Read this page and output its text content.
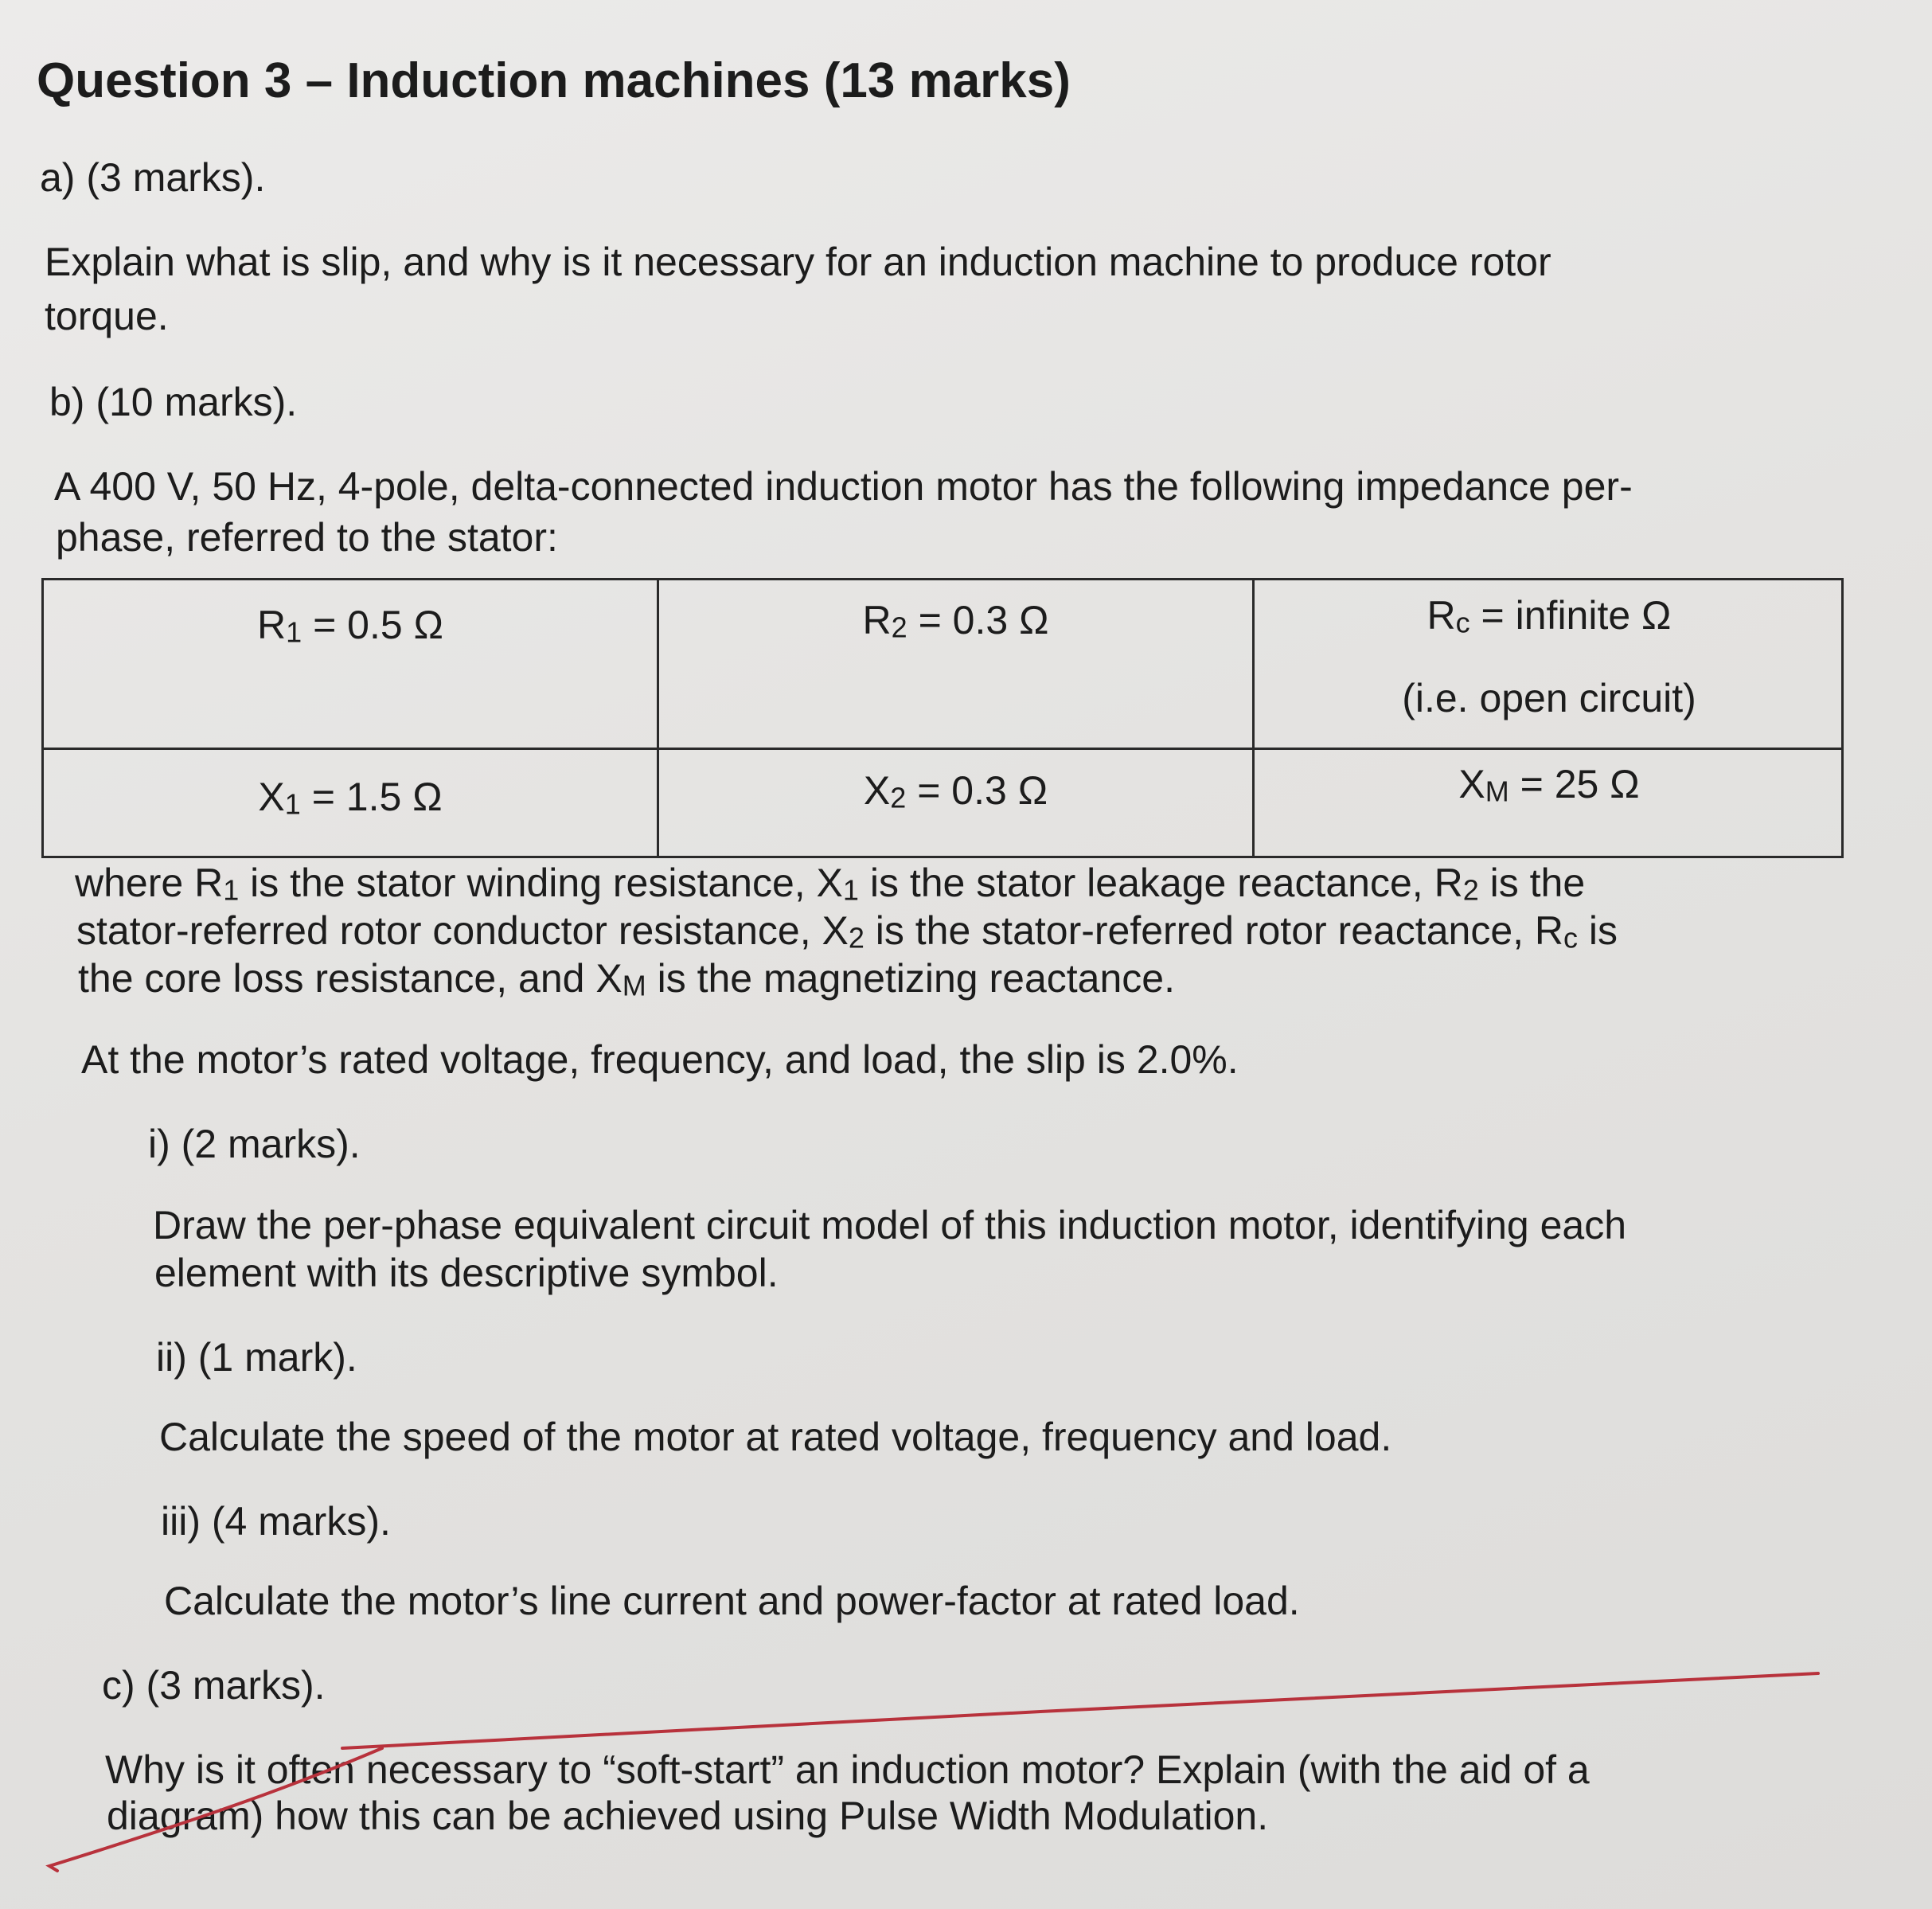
Question 3 – Induction machines (13 marks)

a) (3 marks).

Explain what is slip, and why is it necessary for an induction machine to produce rotor

torque.

b) (10 marks).

A 400 V, 50 Hz, 4-pole, delta-connected induction motor has the following impedance per-

phase, referred to the stator:

$R_1 = 0.5$ Ω	$R_2 = 0.3$ Ω	$R_c$ = infinite Ω
(i.e. open circuit)
$X_1 = 1.5$ Ω	$X_2 = 0.3$ Ω	$X_M = 25$ Ω

where $R_1$ is the stator winding resistance, $X_1$ is the stator leakage reactance, $R_2$ is the

stator-referred rotor conductor resistance, $X_2$ is the stator-referred rotor reactance, $R_c$ is

the core loss resistance, and $X_M$ is the magnetizing reactance.

At the motor’s rated voltage, frequency, and load, the slip is 2.0%.

i) (2 marks).

Draw the per-phase equivalent circuit model of this induction motor, identifying each

element with its descriptive symbol.

ii) (1 mark).

Calculate the speed of the motor at rated voltage, frequency and load.

iii) (4 marks).

Calculate the motor’s line current and power-factor at rated load.

c) (3 marks).

Why is it often necessary to “soft-start” an induction motor? Explain (with the aid of a

diagram) how this can be achieved using Pulse Width Modulation.
